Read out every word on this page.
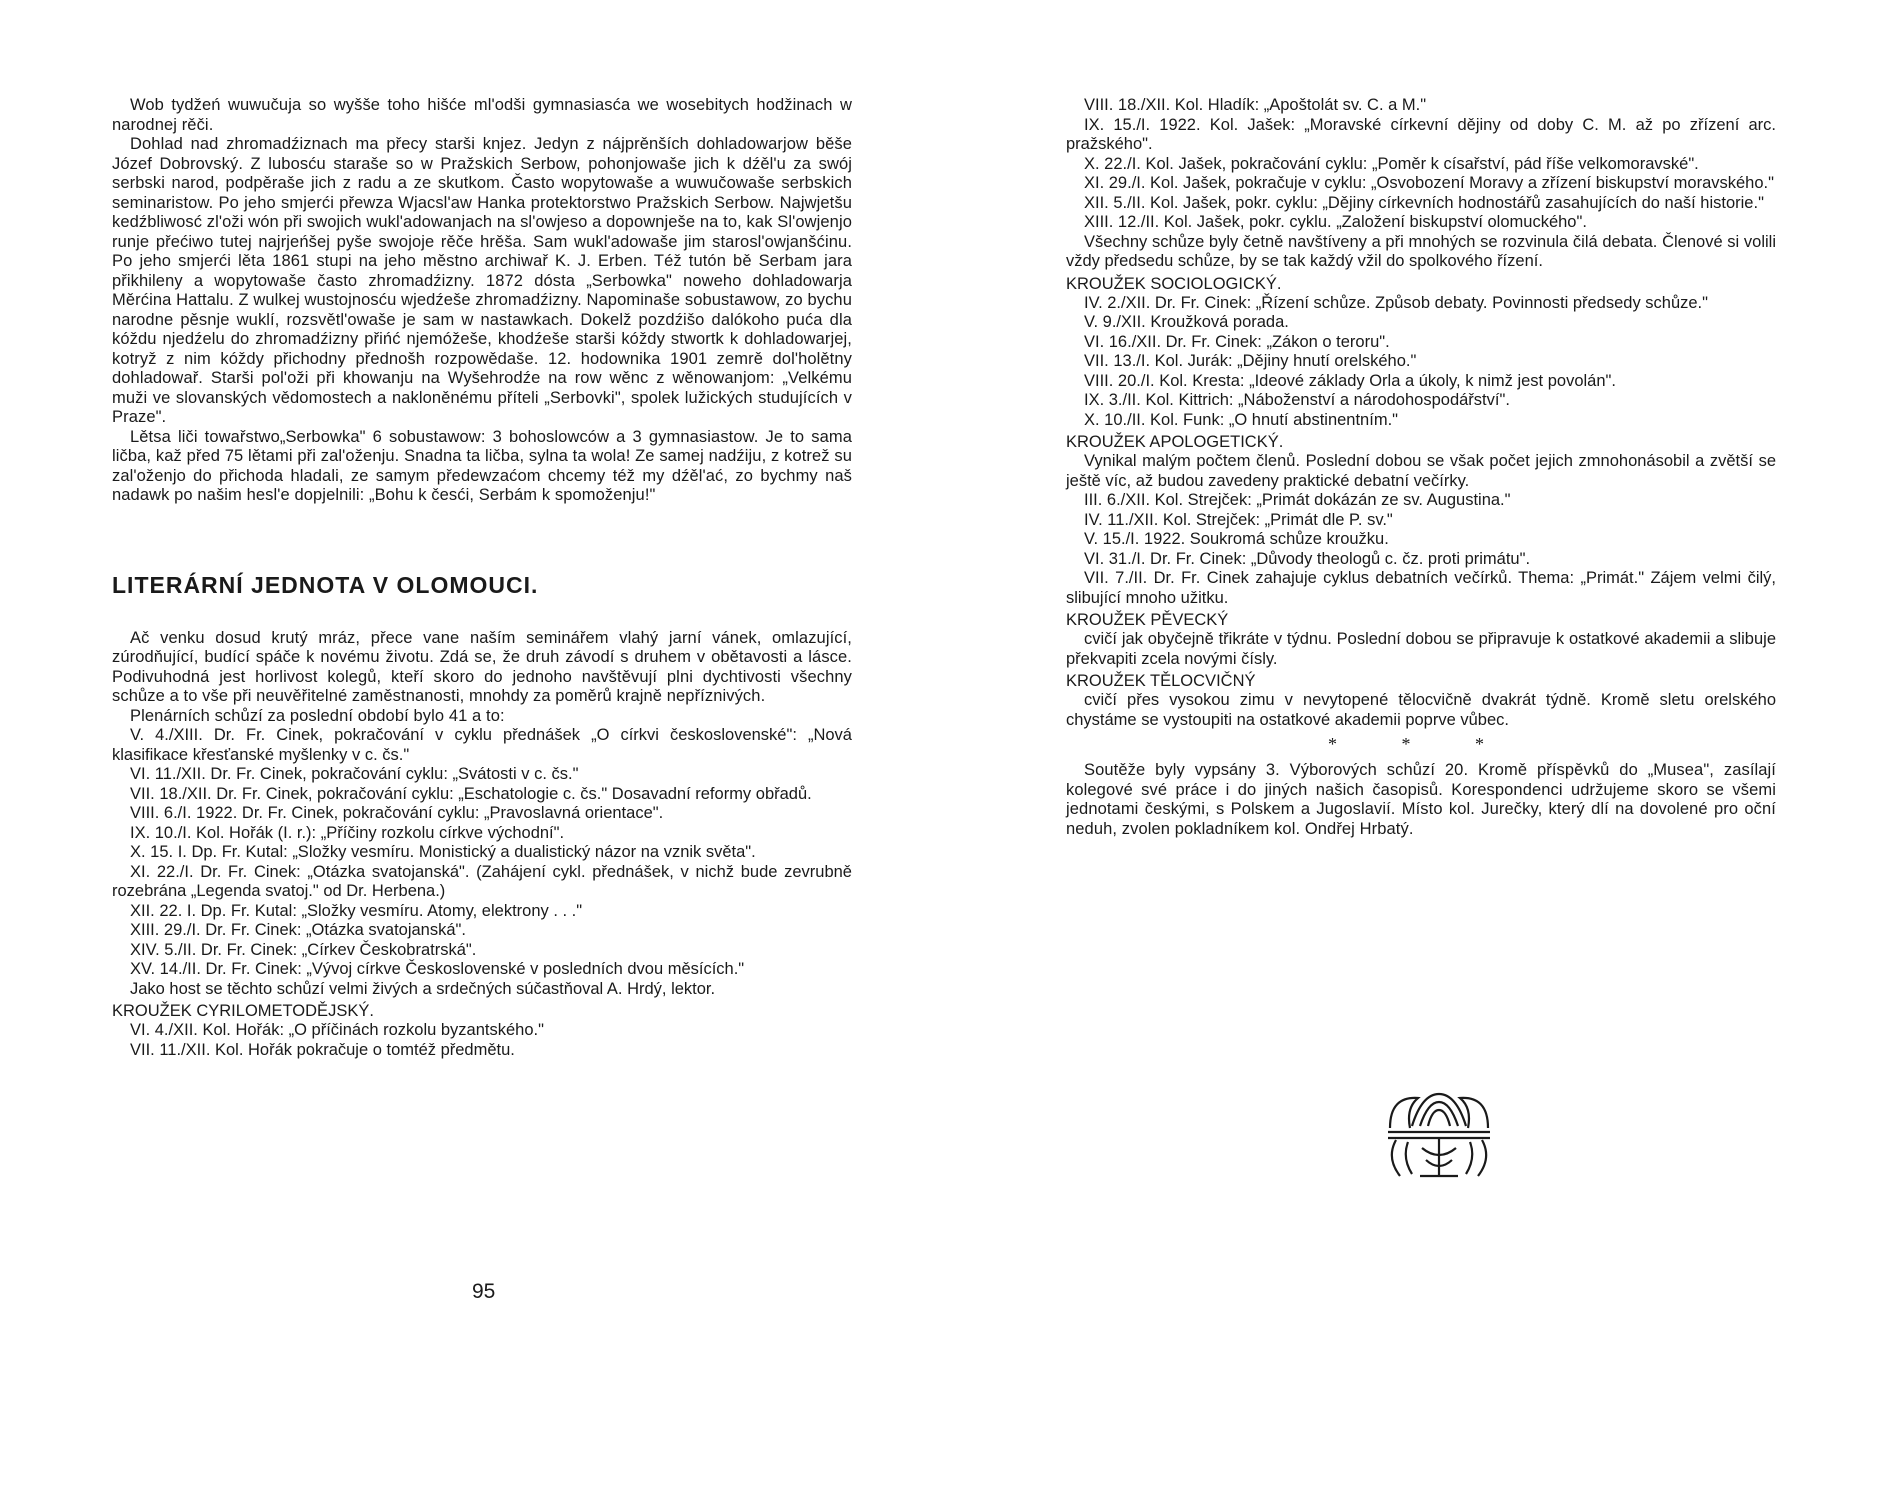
Wob tydžeń wuwučuja so wyšše toho hišće ml'odši gymnasiasća we wosebitych hodžinach w narodnej rěči.

Dohlad nad zhromadźiznach ma přecy starši knjez. Jedyn z nájprěnších dohladowarjow běše Józef Dobrovský. Z lubosću staraše so w Pražskich Serbow, pohonjowaše jich k dźěl'u za swój serbski narod, podpěraše jich z radu a ze skutkom. Často wopytowaše a wuwučowaše serbskich seminaristow. Po jeho smjerći přewza Wjacsl'aw Hanka protektorstwo Pražskich Serbow. Najwjetšu kedźbliwosć zl'oži wón při swojich wukl'adowanjach na sl'owjeso a dopownješe na to, kak Sl'owjenjo runje přećiwo tutej najrjeńšej pyše swojoje rěče hrěša. Sam wukl'adowaše jim starosl'owjanšćinu. Po jeho smjerći lěta 1861 stupi na jeho městno archiwař K. J. Erben. Též tutón bě Serbam jara přikhileny a wopytowaše často zhromadźizny. 1872 dósta „Serbowka" noweho dohladowarja Měrćina Hattalu. Z wulkej wustojnosću wjedźeše zhromadźizny. Napominaše sobustawow, zo bychu narodne pěsnje wuklí, rozsvětl'owaše je sam w nastawkach. Dokelž pozdźišo dalókoho puća dla kóždu njedźelu do zhromadźizny přińć njemóžeše, khodźeše starši kóždy stwortk k dohladowarjej, kotryž z nim kóždy přichodny přednošh rozpowědaše. 12. hodownika 1901 zemrě dol'holětny dohladowař. Starši pol'oži při khowanju na Wyšehrodźe na row wěnc z wěnowanjom: „Velkému muži ve slovanských vědomostech a nakloněnému příteli „Serbovki", spolek lužických studujících v Praze".

Lětsa liči towařstwo„Serbowka" 6 sobustawow: 3 bohoslowców a 3 gymnasiastow. Je to sama ličba, kaž před 75 lětami při zal'oženju. Snadna ta ličba, sylna ta wola! Ze samej nadźiju, z kotrež su zal'oženjo do přichoda hladali, ze samym předewzaćom chcemy též my dźěl'ać, zo bychmy naš nadawk po našim hesl'e dopjelnili: „Bohu k česći, Serbám k spomoženju!"

LITERÁRNÍ JEDNOTA V OLOMOUCI.

Ač venku dosud krutý mráz, přece vane naším seminářem vlahý jarní vánek, omlazující, zúrodňující, budící spáče k novému životu. Zdá se, že druh závodí s druhem v obětavosti a lásce. Podivuhodná jest horlivost kolegů, kteří skoro do jednoho navštěvují plni dychtivosti všechny schůze a to vše při neuvěřitelné zaměstnanosti, mnohdy za poměrů krajně nepříznivých.

Plenárních schůzí za poslední období bylo 41 a to:

V. 4./XIII. Dr. Fr. Cinek, pokračování v cyklu přednášek „O církvi československé": „Nová klasifikace křesťanské myšlenky v c. čs."

VI. 11./XII. Dr. Fr. Cinek, pokračování cyklu: „Svátosti v c. čs."

VII. 18./XII. Dr. Fr. Cinek, pokračování cyklu: „Eschatologie c. čs." Dosavadní reformy obřadů.

VIII. 6./I. 1922. Dr. Fr. Cinek, pokračování cyklu: „Pravoslavná orientace".

IX. 10./I. Kol. Hořák (I. r.): „Příčiny rozkolu církve východní".

X. 15. I. Dp. Fr. Kutal: „Složky vesmíru. Monistický a dualistický názor na vznik světa".

XI. 22./I. Dr. Fr. Cinek: „Otázka svatojanská". (Zahájení cykl. přednášek, v nichž bude zevrubně rozebrána „Legenda svatoj." od Dr. Herbena.)

XII. 22. I. Dp. Fr. Kutal: „Složky vesmíru. Atomy, elektrony . . ."

XIII. 29./I. Dr. Fr. Cinek: „Otázka svatojanská".

XIV. 5./II. Dr. Fr. Cinek: „Církev Českobratrská".

XV. 14./II. Dr. Fr. Cinek: „Vývoj církve Československé v posledních dvou měsících."

Jako host se těchto schůzí velmi živých a srdečných súčastňoval A. Hrdý, lektor.

KROUŽEK CYRILOMETODĚJSKÝ.

VI. 4./XII. Kol. Hořák: „O příčinách rozkolu byzantského."

VII. 11./XII. Kol. Hořák pokračuje o tomtéž předmětu.

95

VIII. 18./XII. Kol. Hladík: „Apoštolát sv. C. a M."

IX. 15./I. 1922. Kol. Jašek: „Moravské církevní dějiny od doby C. M. až po zřízení arc. pražského".

X. 22./I. Kol. Jašek, pokračování cyklu: „Poměr k císařství, pád říše velkomoravské".

XI. 29./I. Kol. Jašek, pokračuje v cyklu: „Osvobození Moravy a zřízení biskupství moravského."

XII. 5./II. Kol. Jašek, pokr. cyklu: „Dějiny církevních hodnostářů zasahujících do naší historie."

XIII. 12./II. Kol. Jašek, pokr. cyklu. „Založení biskupství olomuckého".

Všechny schůze byly četně navštíveny a při mnohých se rozvinula čilá debata. Členové si volili vždy předsedu schůze, by se tak každý vžil do spolkového řízení.

KROUŽEK SOCIOLOGICKÝ.

IV. 2./XII. Dr. Fr. Cinek: „Řízení schůze. Způsob debaty. Povinnosti předsedy schůze."

V. 9./XII. Kroužková porada.

VI. 16./XII. Dr. Fr. Cinek: „Zákon o teroru".

VII. 13./I. Kol. Jurák: „Dějiny hnutí orelského."

VIII. 20./I. Kol. Kresta: „Ideové základy Orla a úkoly, k nimž jest povolán".

IX. 3./II. Kol. Kittrich: „Náboženství a národohospodářství".

X. 10./II. Kol. Funk: „O hnutí abstinentním."

KROUŽEK APOLOGETICKÝ.

Vynikal malým počtem členů. Poslední dobou se však počet jejich zmnohonásobil a zvětší se ještě víc, až budou zavedeny praktické debatní večírky.

III. 6./XII. Kol. Strejček: „Primát dokázán ze sv. Augustina."

IV. 11./XII. Kol. Strejček: „Primát dle P. sv."

V. 15./I. 1922. Soukromá schůze kroužku.

VI. 31./I. Dr. Fr. Cinek: „Důvody theologů c. čz. proti primátu".

VII. 7./II. Dr. Fr. Cinek zahajuje cyklus debatních večírků. Thema: „Primát." Zájem velmi čilý, slibující mnoho užitku.

KROUŽEK PĚVECKÝ

cvičí jak obyčejně třikráte v týdnu. Poslední dobou se připravuje k ostatkové akademii a slibuje překvapiti zcela novými čísly.

KROUŽEK TĚLOCVIČNÝ

cvičí přes vysokou zimu v nevytopené tělocvičně dvakrát týdně. Kromě sletu orelského chystáme se vystoupiti na ostatkové akademii poprve vůbec.

* * *

Soutěže byly vypsány 3. Výborových schůzí 20. Kromě příspěvků do „Musea", zasílají kolegové své práce i do jiných našich časopisů. Korespondenci udržujeme skoro se všemi jednotami českými, s Polskem a Jugoslavií. Místo kol. Jurečky, který dlí na dovolené pro oční neduh, zvolen pokladníkem kol. Ondřej Hrbatý.
